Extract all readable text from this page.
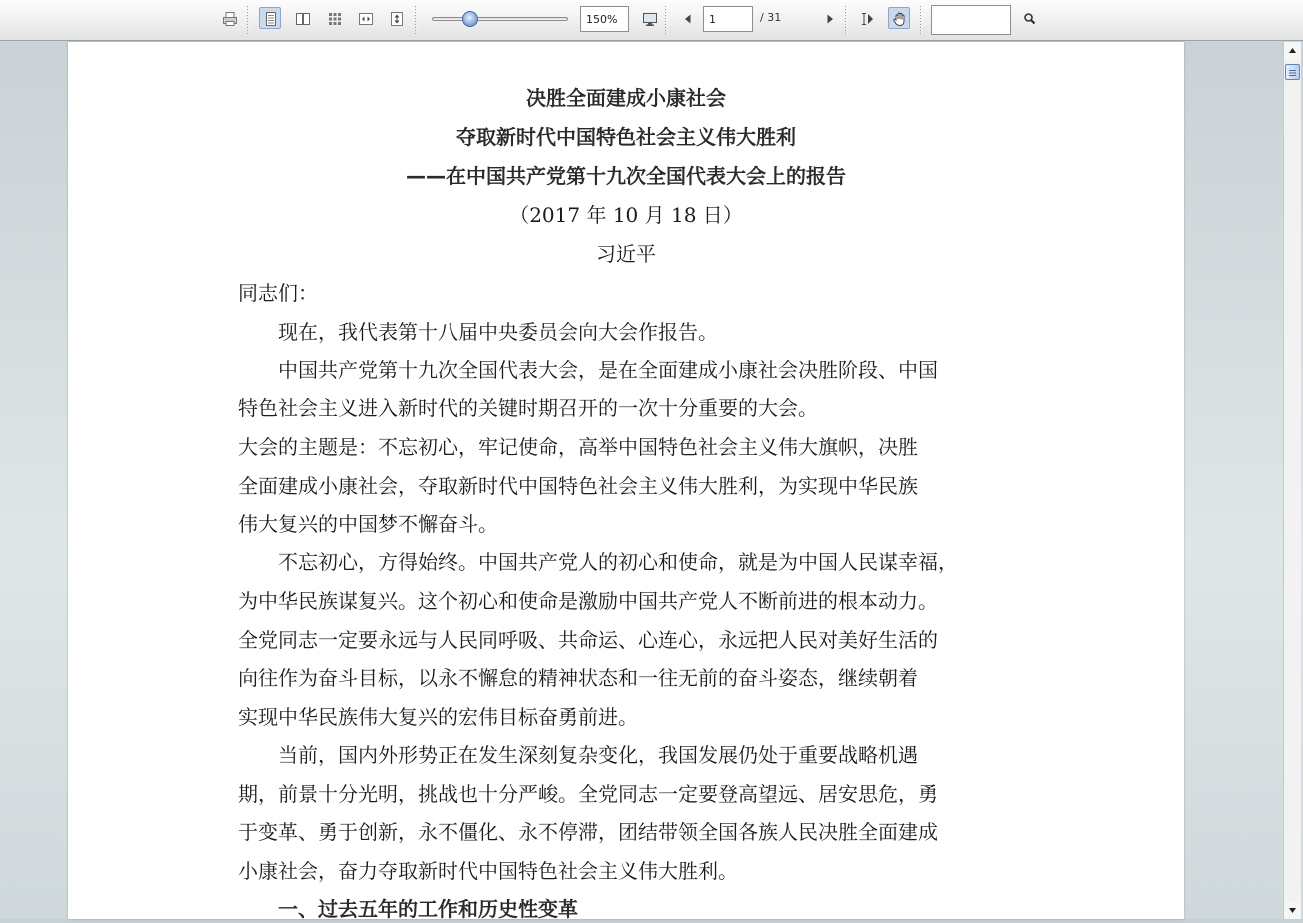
150%
1
/ 31
决胜全面建成小康社会
夺取新时代中国特色社会主义伟大胜利
——在中国共产党第十九次全国代表大会上的报告
（2017 年 10 月 18 日）
习近平
同志们：
现在，我代表第十八届中央委员会向大会作报告。
中国共产党第十九次全国代表大会，是在全面建成小康社会决胜阶段、中国
特色社会主义进入新时代的关键时期召开的一次十分重要的大会。
大会的主题是：不忘初心，牢记使命，高举中国特色社会主义伟大旗帜，决胜
全面建成小康社会，夺取新时代中国特色社会主义伟大胜利，为实现中华民族
伟大复兴的中国梦不懈奋斗。
不忘初心，方得始终。中国共产党人的初心和使命，就是为中国人民谋幸福，
为中华民族谋复兴。这个初心和使命是激励中国共产党人不断前进的根本动力。
全党同志一定要永远与人民同呼吸、共命运、心连心，永远把人民对美好生活的
向往作为奋斗目标，以永不懈怠的精神状态和一往无前的奋斗姿态，继续朝着
实现中华民族伟大复兴的宏伟目标奋勇前进。
当前，国内外形势正在发生深刻复杂变化，我国发展仍处于重要战略机遇
期，前景十分光明，挑战也十分严峻。全党同志一定要登高望远、居安思危，勇
于变革、勇于创新，永不僵化、永不停滞，团结带领全国各族人民决胜全面建成
小康社会，奋力夺取新时代中国特色社会主义伟大胜利。
一、过去五年的工作和历史性变革
